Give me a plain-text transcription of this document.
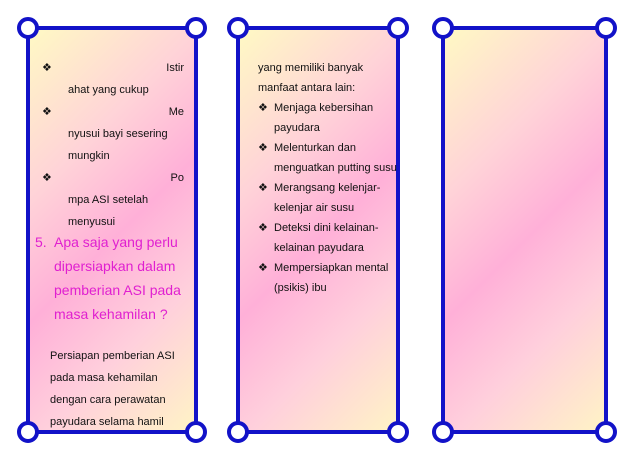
❖	Istir
ahat yang cukup
❖	Me
nyusui bayi sesering
mungkin
❖	Po
mpa ASI setelah
menyusui
5. Apa saja yang perlu
dipersiapkan dalam
pemberian ASI pada
masa kehamilan ?
Persiapan pemberian ASI
pada masa kehamilan
dengan cara perawatan
payudara selama hamil
yang memiliki banyak
manfaat antara lain:
❖ Menjaga kebersihan
payudara
❖ Melenturkan dan
menguatkan putting susu
❖ Merangsang kelenjar-
kelenjar air susu
❖ Deteksi dini kelainan-
kelainan payudara
❖ Mempersiapkan mental
(psikis) ibu
